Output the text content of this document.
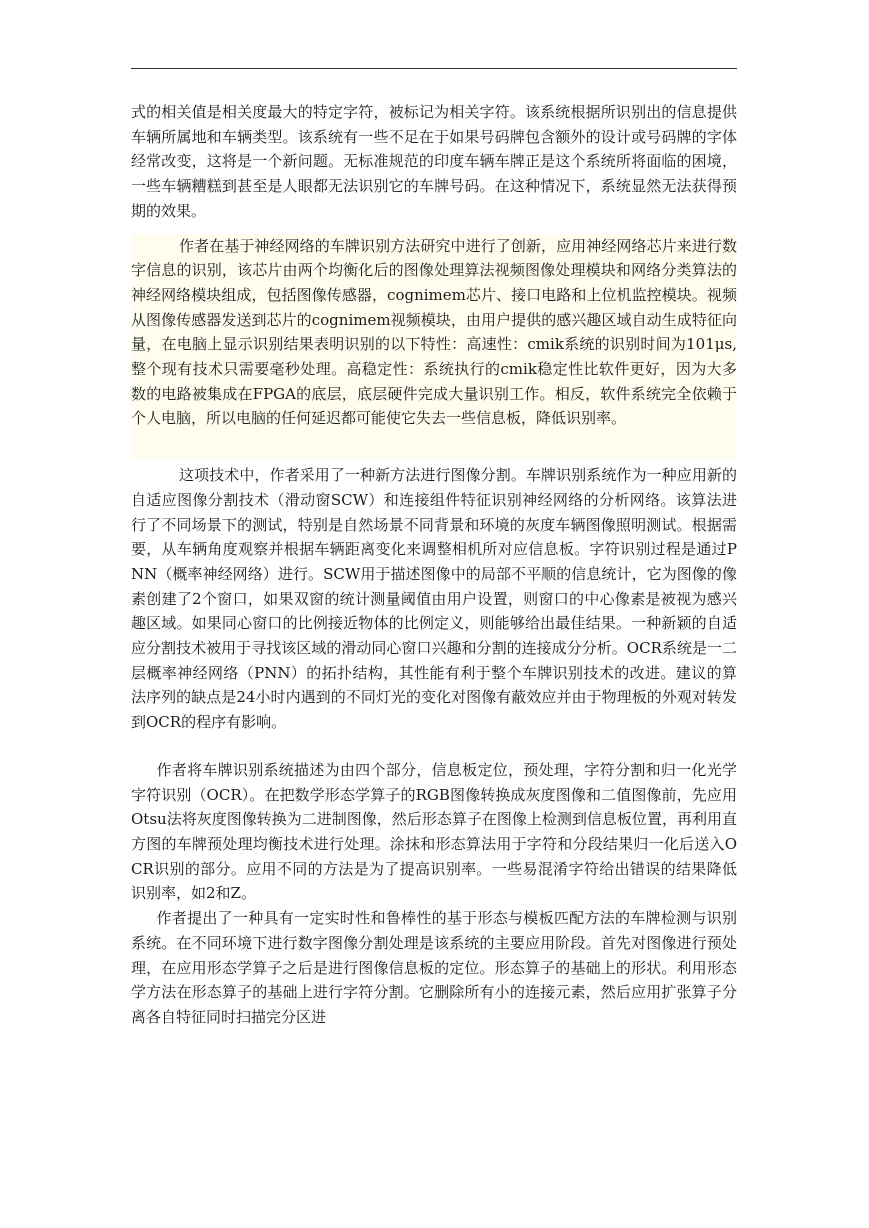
式的相关值是相关度最大的特定字符，被标记为相关字符。该系统根据所识别出的信息提供车辆所属地和车辆类型。该系统有一些不足在于如果号码牌包含额外的设计或号码牌的字体经常改变，这将是一个新问题。无标准规范的印度车辆车牌正是这个系统所将面临的困境，一些车辆糟糕到甚至是人眼都无法识别它的车牌号码。在这种情况下，系统显然无法获得预期的效果。

作者在基于神经网络的车牌识别方法研究中进行了创新，应用神经网络芯片来进行数字信息的识别，该芯片由两个均衡化后的图像处理算法视频图像处理模块和网络分类算法的神经网络模块组成，包括图像传感器，cognimem芯片、接口电路和上位机监控模块。视频从图像传感器发送到芯片的cognimem视频模块，由用户提供的感兴趣区域自动生成特征向量，在电脑上显示识别结果表明识别的以下特性：高速性：cmik系统的识别时间为101μs,整个现有技术只需要毫秒处理。高稳定性：系统执行的cmik稳定性比软件更好，因为大多数的电路被集成在FPGA的底层，底层硬件完成大量识别工作。相反，软件系统完全依赖于个人电脑，所以电脑的任何延迟都可能使它失去一些信息板，降低识别率。

这项技术中，作者采用了一种新方法进行图像分割。车牌识别系统作为一种应用新的自适应图像分割技术（滑动窗SCW）和连接组件特征识别神经网络的分析网络。该算法进行了不同场景下的测试，特别是自然场景不同背景和环境的灰度车辆图像照明测试。根据需要，从车辆角度观察并根据车辆距离变化来调整相机所对应信息板。字符识别过程是通过PNN（概率神经网络）进行。SCW用于描述图像中的局部不平顺的信息统计，它为图像的像素创建了2个窗口，如果双窗的统计测量阈值由用户设置，则窗口的中心像素是被视为感兴趣区域。如果同心窗口的比例接近物体的比例定义，则能够给出最佳结果。一种新颖的自适应分割技术被用于寻找该区域的滑动同心窗口兴趣和分割的连接成分分析。OCR系统是一二层概率神经网络（PNN）的拓扑结构，其性能有利于整个车牌识别技术的改进。建议的算法序列的缺点是24小时内遇到的不同灯光的变化对图像有蔽效应并由于物理板的外观对转发到OCR的程序有影响。

作者将车牌识别系统描述为由四个部分，信息板定位，预处理，字符分割和归一化光学字符识别（OCR）。在把数学形态学算子的RGB图像转换成灰度图像和二值图像前，先应用Otsu法将灰度图像转换为二进制图像，然后形态算子在图像上检测到信息板位置，再利用直方图的车牌预处理均衡技术进行处理。涂抹和形态算法用于字符和分段结果归一化后送入OCR识别的部分。应用不同的方法是为了提高识别率。一些易混淆字符给出错误的结果降低识别率，如2和Z。

作者提出了一种具有一定实时性和鲁棒性的基于形态与模板匹配方法的车牌检测与识别系统。在不同环境下进行数字图像分割处理是该系统的主要应用阶段。首先对图像进行预处理，在应用形态学算子之后是进行图像信息板的定位。形态算子的基础上的形状。利用形态学方法在形态算子的基础上进行字符分割。它删除所有小的连接元素，然后应用扩张算子分离各自特征同时扫描完分区进
